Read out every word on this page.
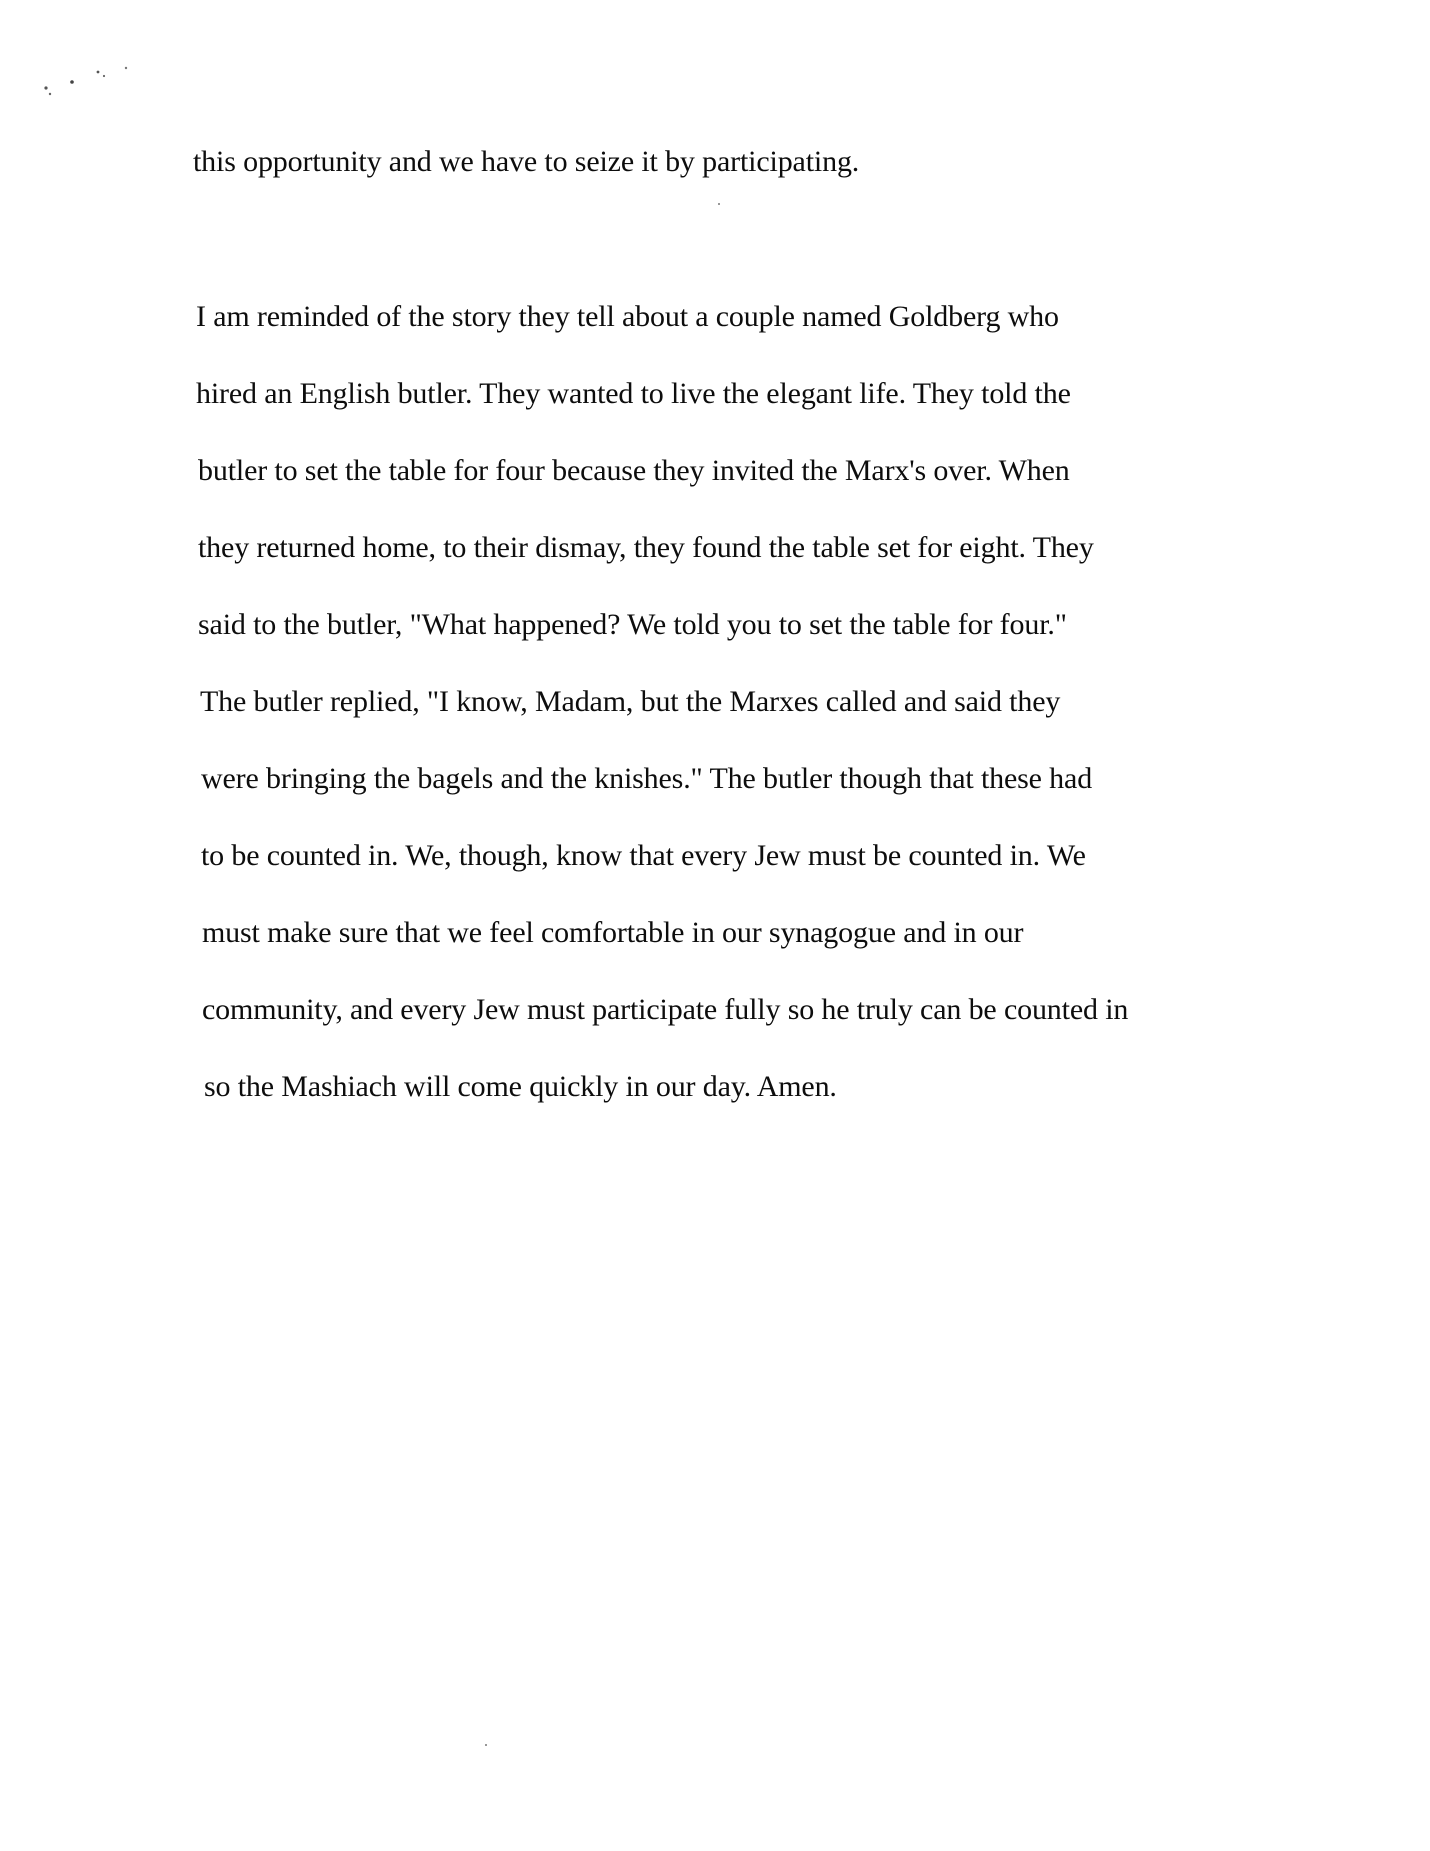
this opportunity and we have to seize it by participating.
I am reminded of the story they tell about a couple named Goldberg who
hired an English butler. They wanted to live the elegant life. They told the
butler to set the table for four because they invited the Marx's over. When
they returned home, to their dismay, they found the table set for eight. They
said to the butler, "What happened? We told you to set the table for four."
The butler replied, "I know, Madam, but the Marxes called and said they
were bringing the bagels and the knishes." The butler though that these had
to be counted in. We, though, know that every Jew must be counted in. We
must make sure that we feel comfortable in our synagogue and in our
community, and every Jew must participate fully so he truly can be counted in
so the Mashiach will come quickly in our day. Amen.
